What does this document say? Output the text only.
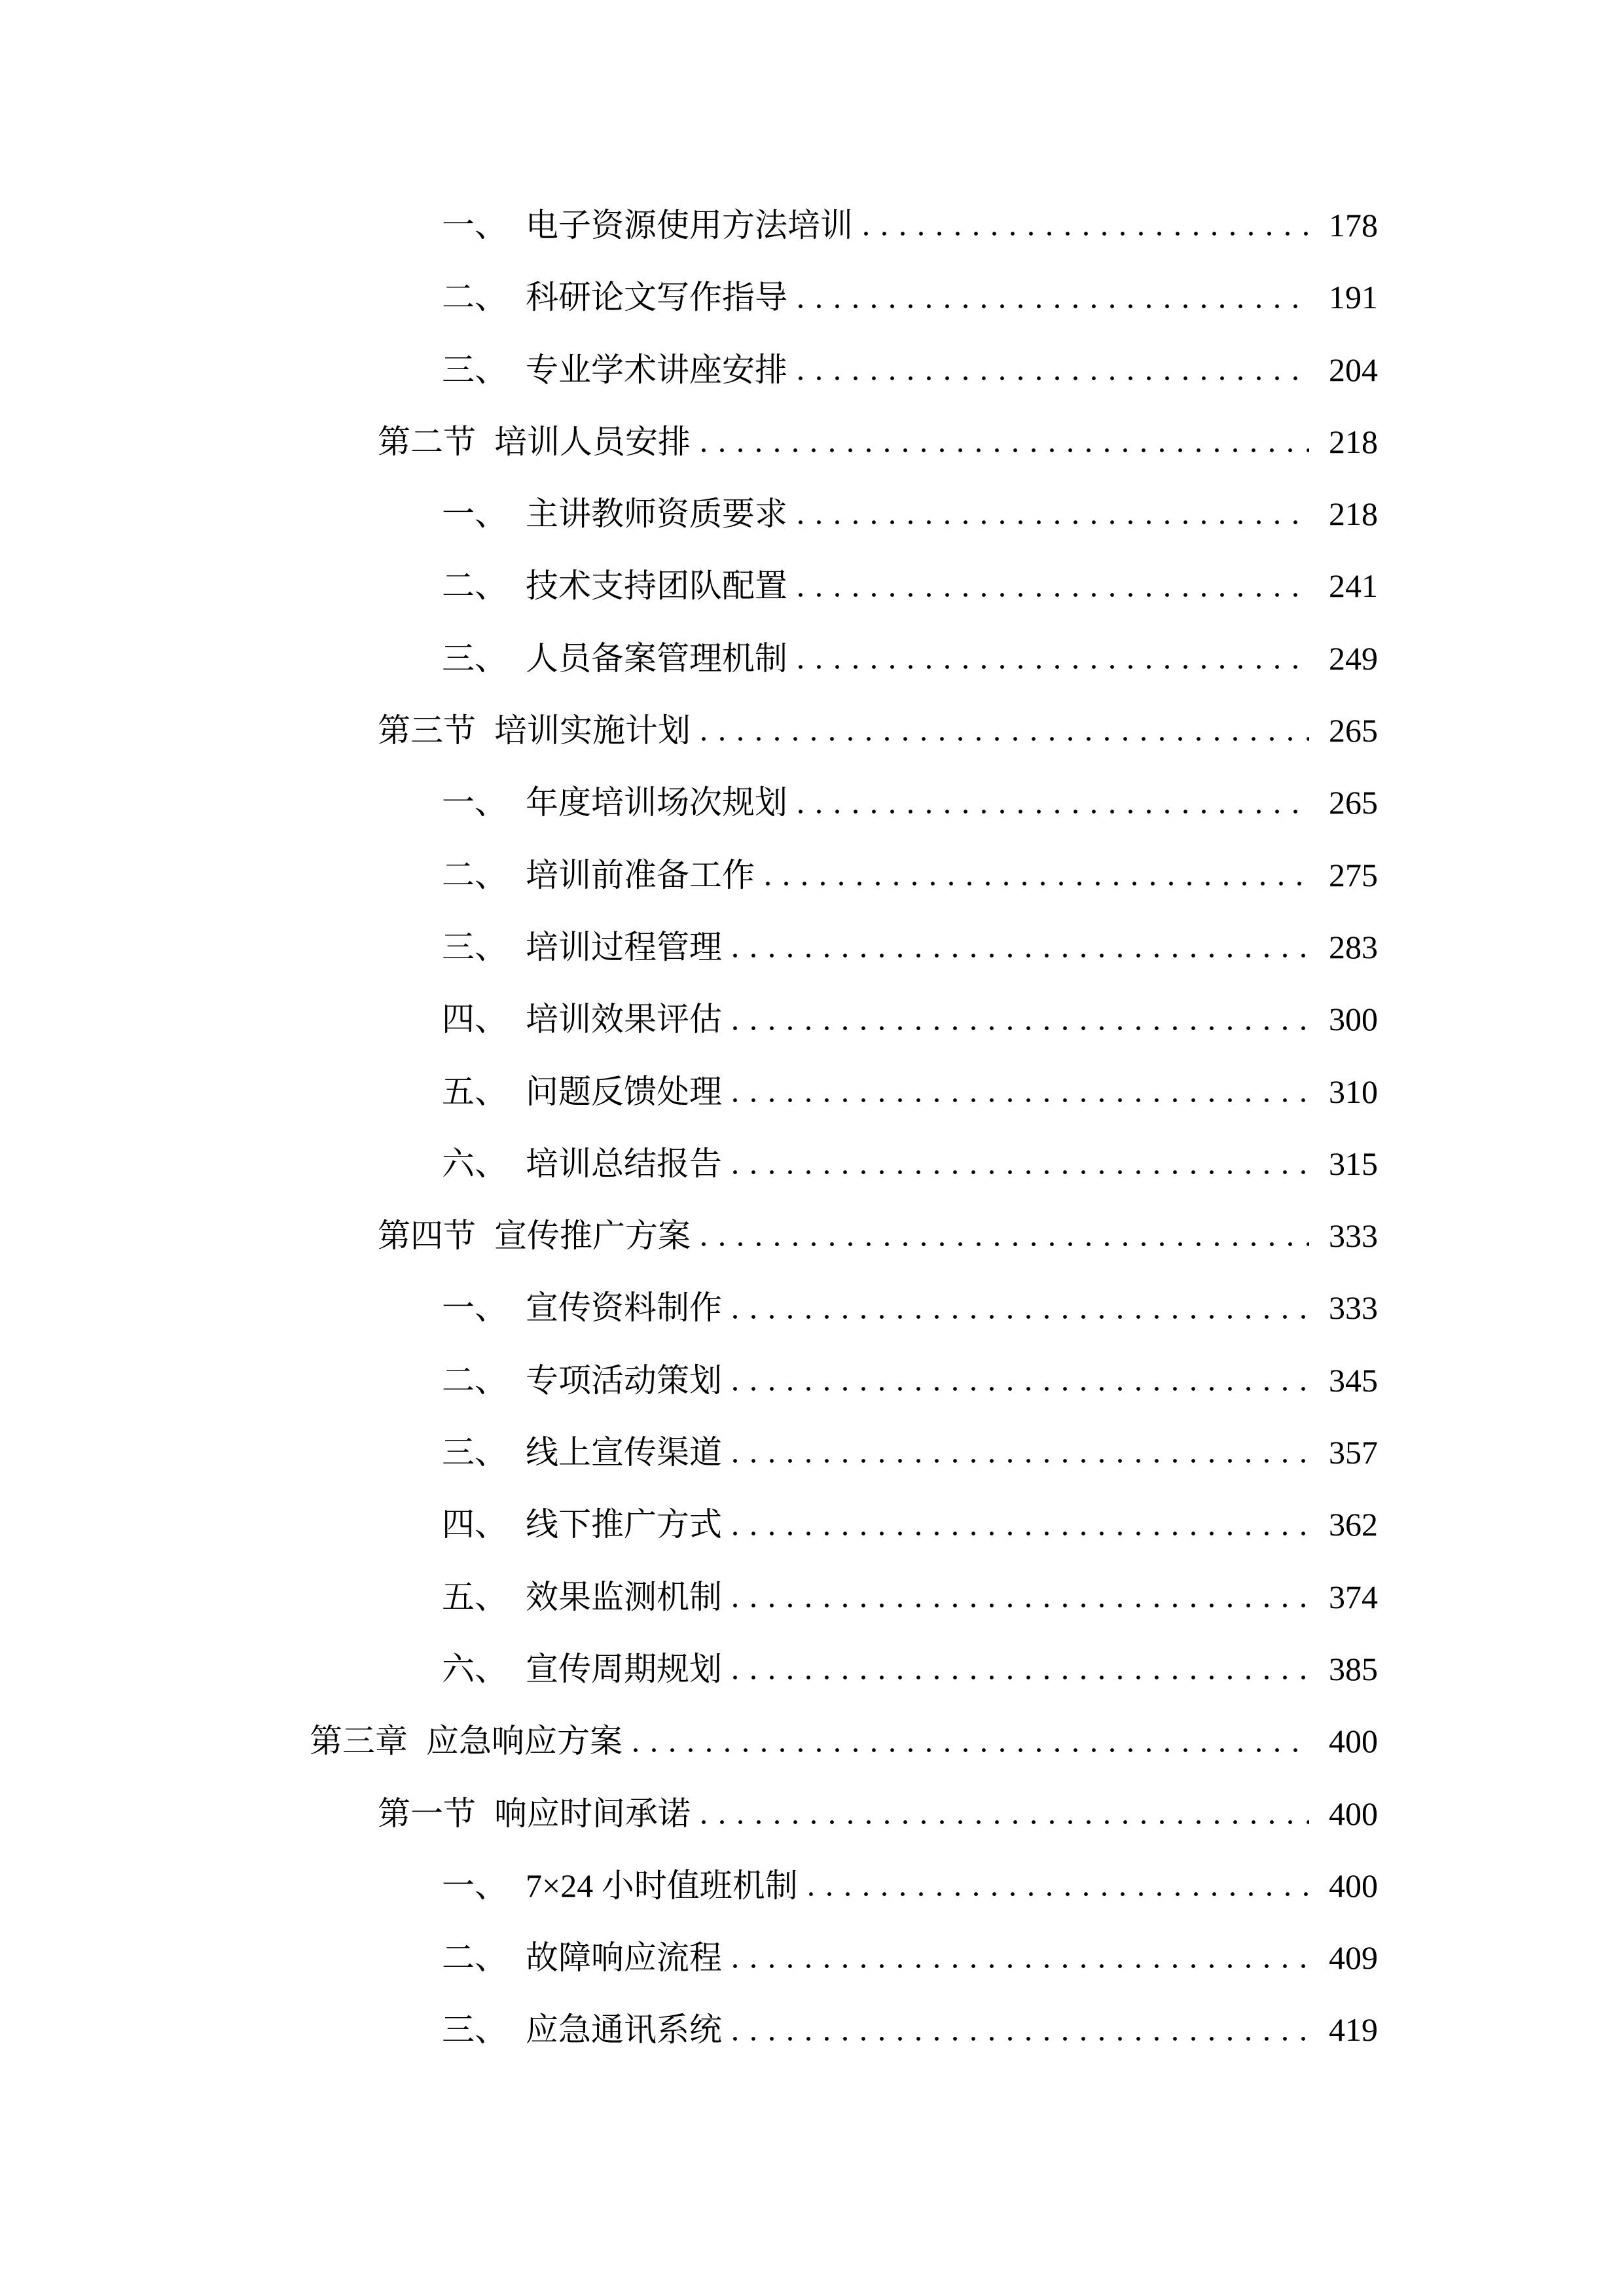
一、 电子资源使用方法培训	178
二、 科研论文写作指导	191
三、 专业学术讲座安排	204
第二节 培训人员安排	218
一、 主讲教师资质要求	218
二、 技术支持团队配置	241
三、 人员备案管理机制	249
第三节 培训实施计划	265
一、 年度培训场次规划	265
二、 培训前准备工作	275
三、 培训过程管理	283
四、 培训效果评估	300
五、 问题反馈处理	310
六、 培训总结报告	315
第四节 宣传推广方案	333
一、 宣传资料制作	333
二、 专项活动策划	345
三、 线上宣传渠道	357
四、 线下推广方式	362
五、 效果监测机制	374
六、 宣传周期规划	385
第三章 应急响应方案	400
第一节 响应时间承诺	400
一、 7×24 小时值班机制	400
二、 故障响应流程	409
三、 应急通讯系统	419
